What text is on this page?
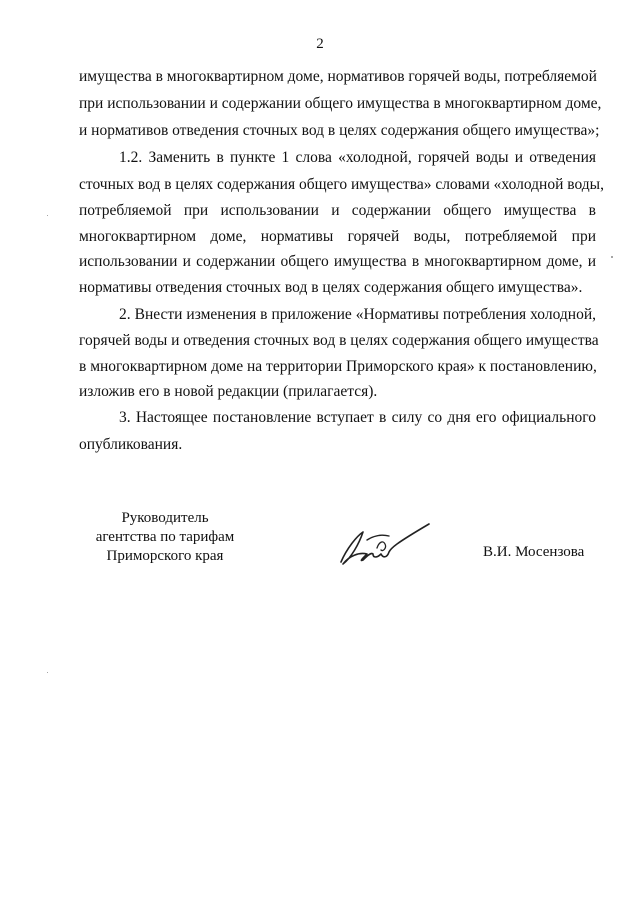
2

имущества в многоквартирном доме, нормативов горячей воды, потребляемой

при использовании и содержании общего имущества в многоквартирном доме,

и нормативов отведения сточных вод в целях содержания общего имущества»;

1.2. Заменить в пункте 1 слова «холодной, горячей воды и отведения

сточных вод в целях содержания общего имущества» словами «холодной воды,

потребляемой при использовании и содержании общего имущества в

многоквартирном доме, нормативы горячей воды, потребляемой при

использовании и содержании общего имущества в многоквартирном доме, и

нормативы отведения сточных вод в целях содержания общего имущества».

2. Внести изменения в приложение «Нормативы потребления холодной,

горячей воды и отведения сточных вод в целях содержания общего имущества

в многоквартирном доме на территории Приморского края» к постановлению,

изложив его в новой редакции (прилагается).

3. Настоящее постановление вступает в силу со дня его официального

опубликования.

Руководитель
агентства по тарифам
Приморского края	В.И. Мосензова
